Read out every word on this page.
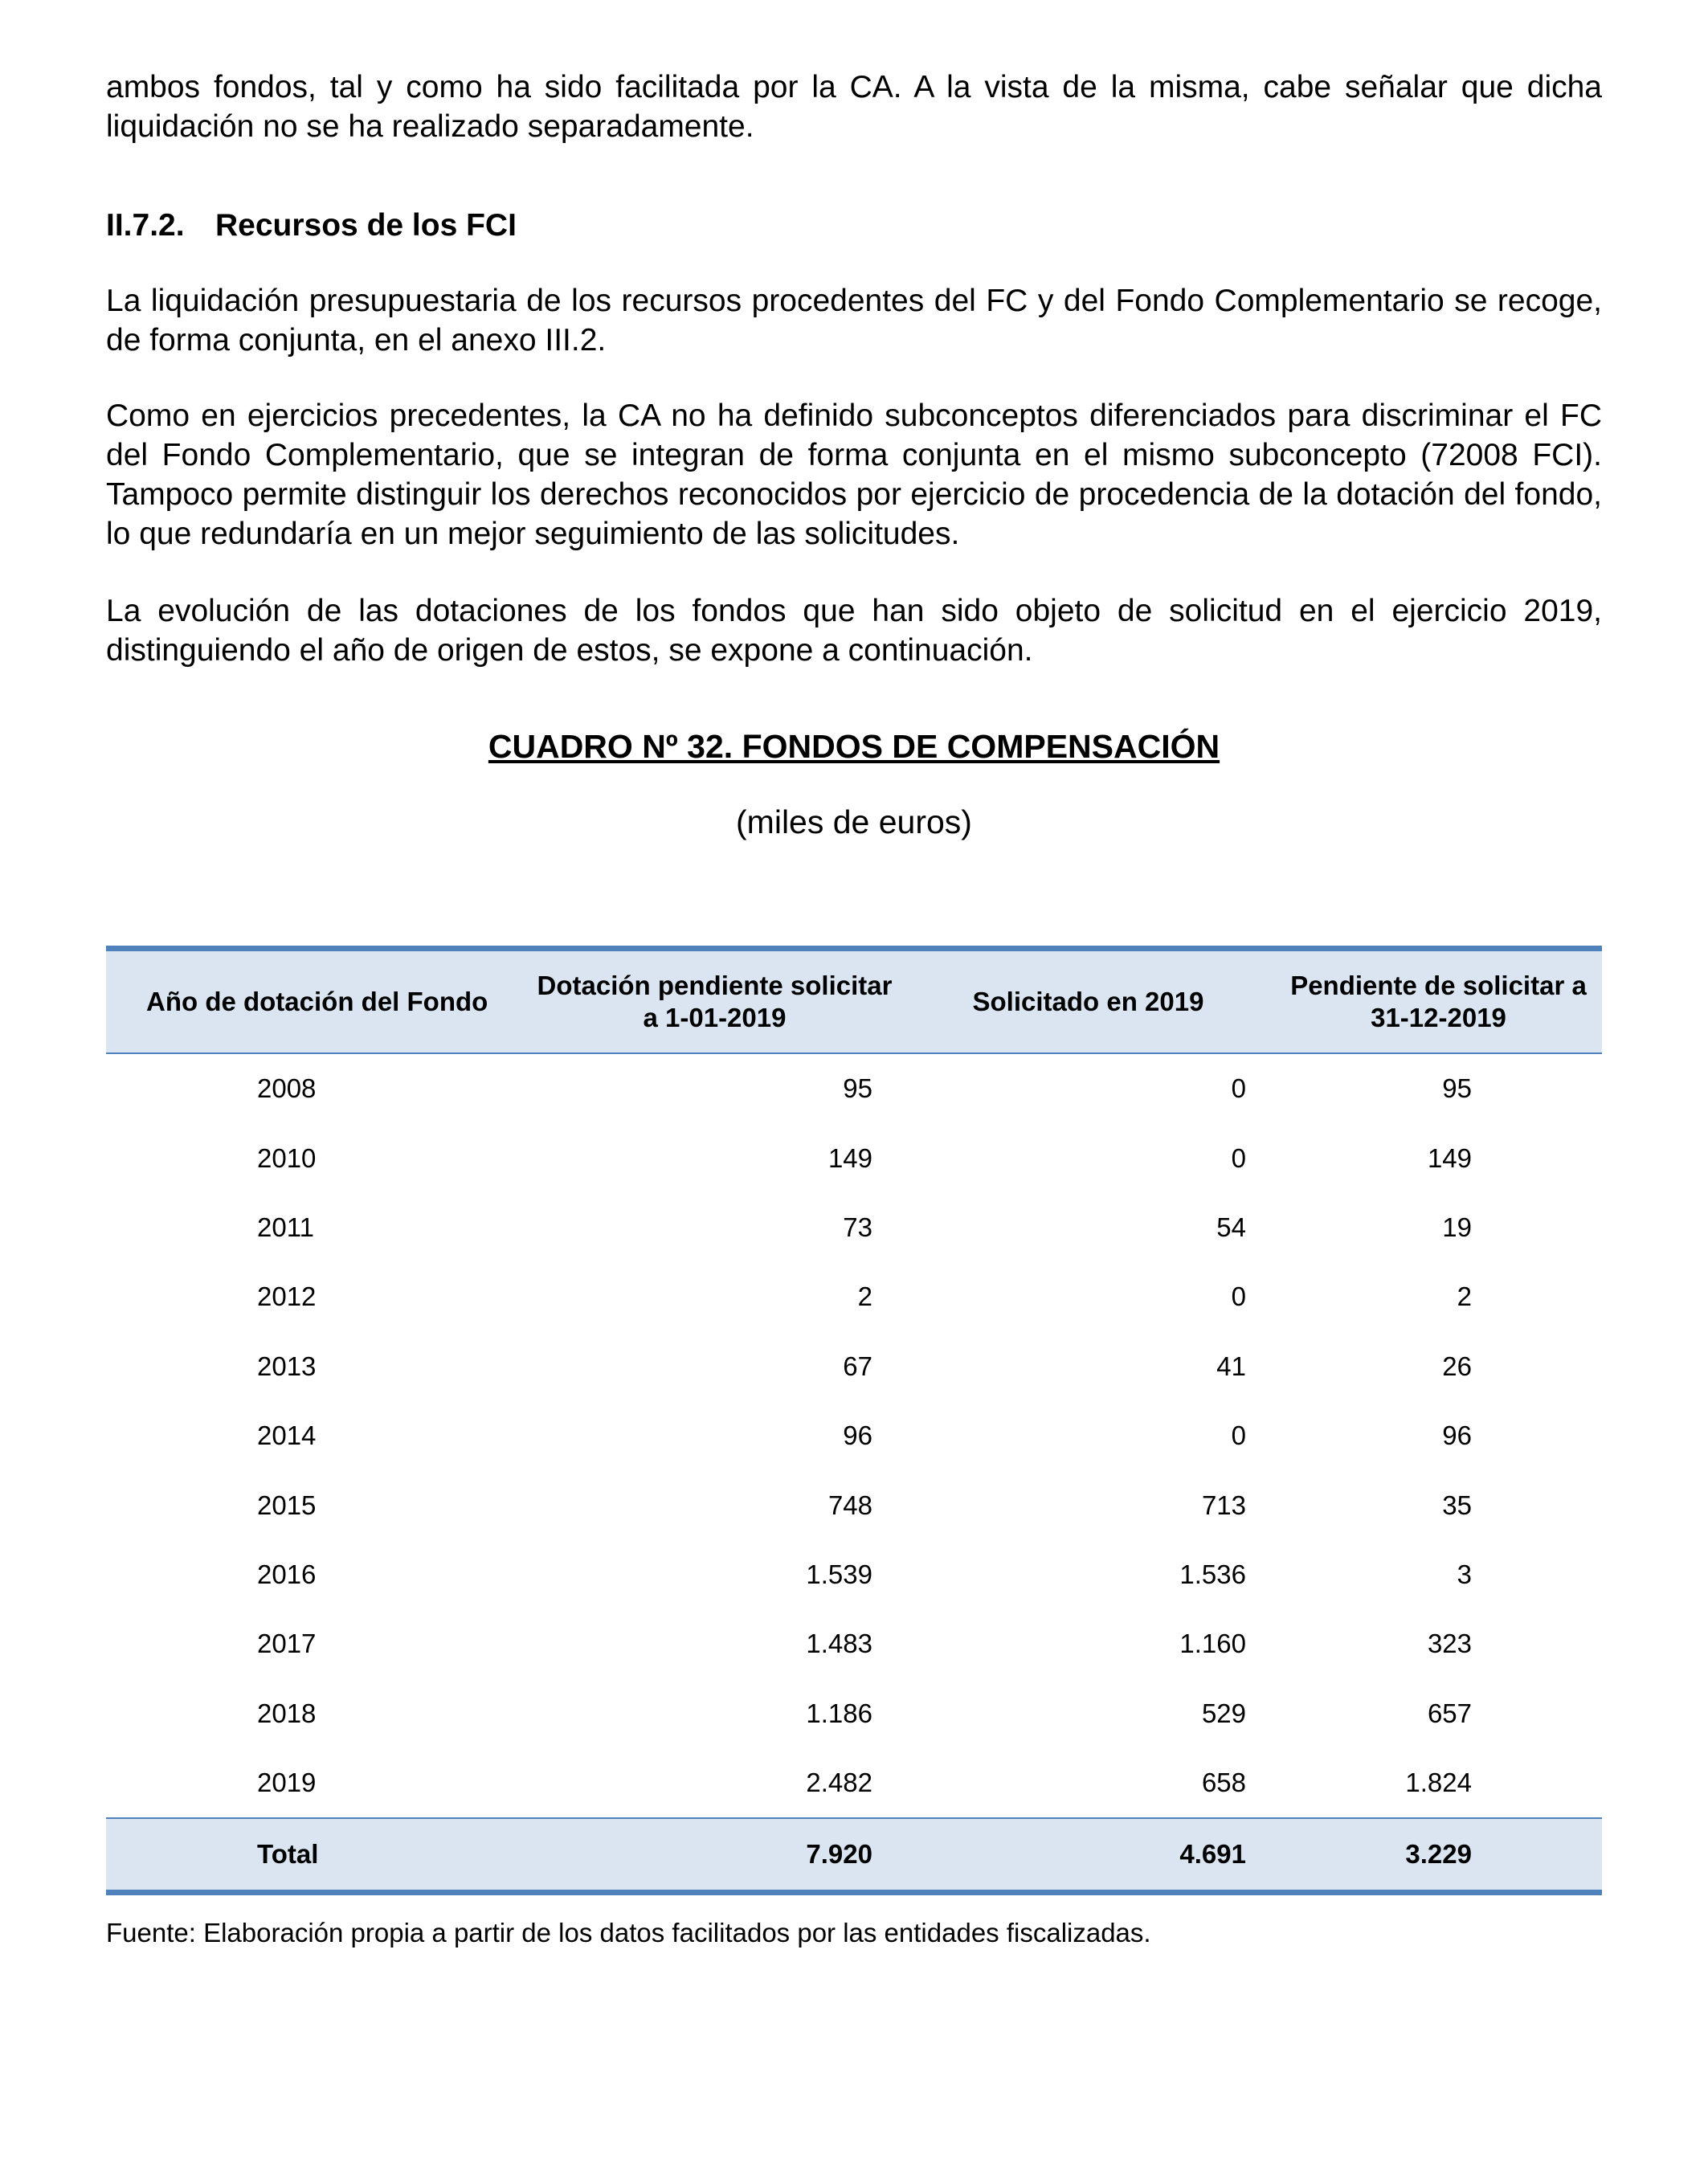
ambos fondos, tal y como ha sido facilitada por la CA. A la vista de la misma, cabe señalar que dicha liquidación no se ha realizado separadamente.

II.7.2. Recursos de los FCI

La liquidación presupuestaria de los recursos procedentes del FC y del Fondo Complementario se recoge, de forma conjunta, en el anexo III.2.

Como en ejercicios precedentes, la CA no ha definido subconceptos diferenciados para discriminar el FC del Fondo Complementario, que se integran de forma conjunta en el mismo subconcepto (72008 FCI). Tampoco permite distinguir los derechos reconocidos por ejercicio de procedencia de la dotación del fondo, lo que redundaría en un mejor seguimiento de las solicitudes.

La evolución de las dotaciones de los fondos que han sido objeto de solicitud en el ejercicio 2019, distinguiendo el año de origen de estos, se expone a continuación.

CUADRO Nº 32. FONDOS DE COMPENSACIÓN

(miles de euros)

Año de dotación del Fondo	Dotación pendiente solicitar a 1-01-2019	Solicitado en 2019	Pendiente de solicitar a 31-12-2019
2008	95	0	95
2010	149	0	149
2011	73	54	19
2012	2	0	2
2013	67	41	26
2014	96	0	96
2015	748	713	35
2016	1.539	1.536	3
2017	1.483	1.160	323
2018	1.186	529	657
2019	2.482	658	1.824
Total	7.920	4.691	3.229

Fuente: Elaboración propia a partir de los datos facilitados por las entidades fiscalizadas.
